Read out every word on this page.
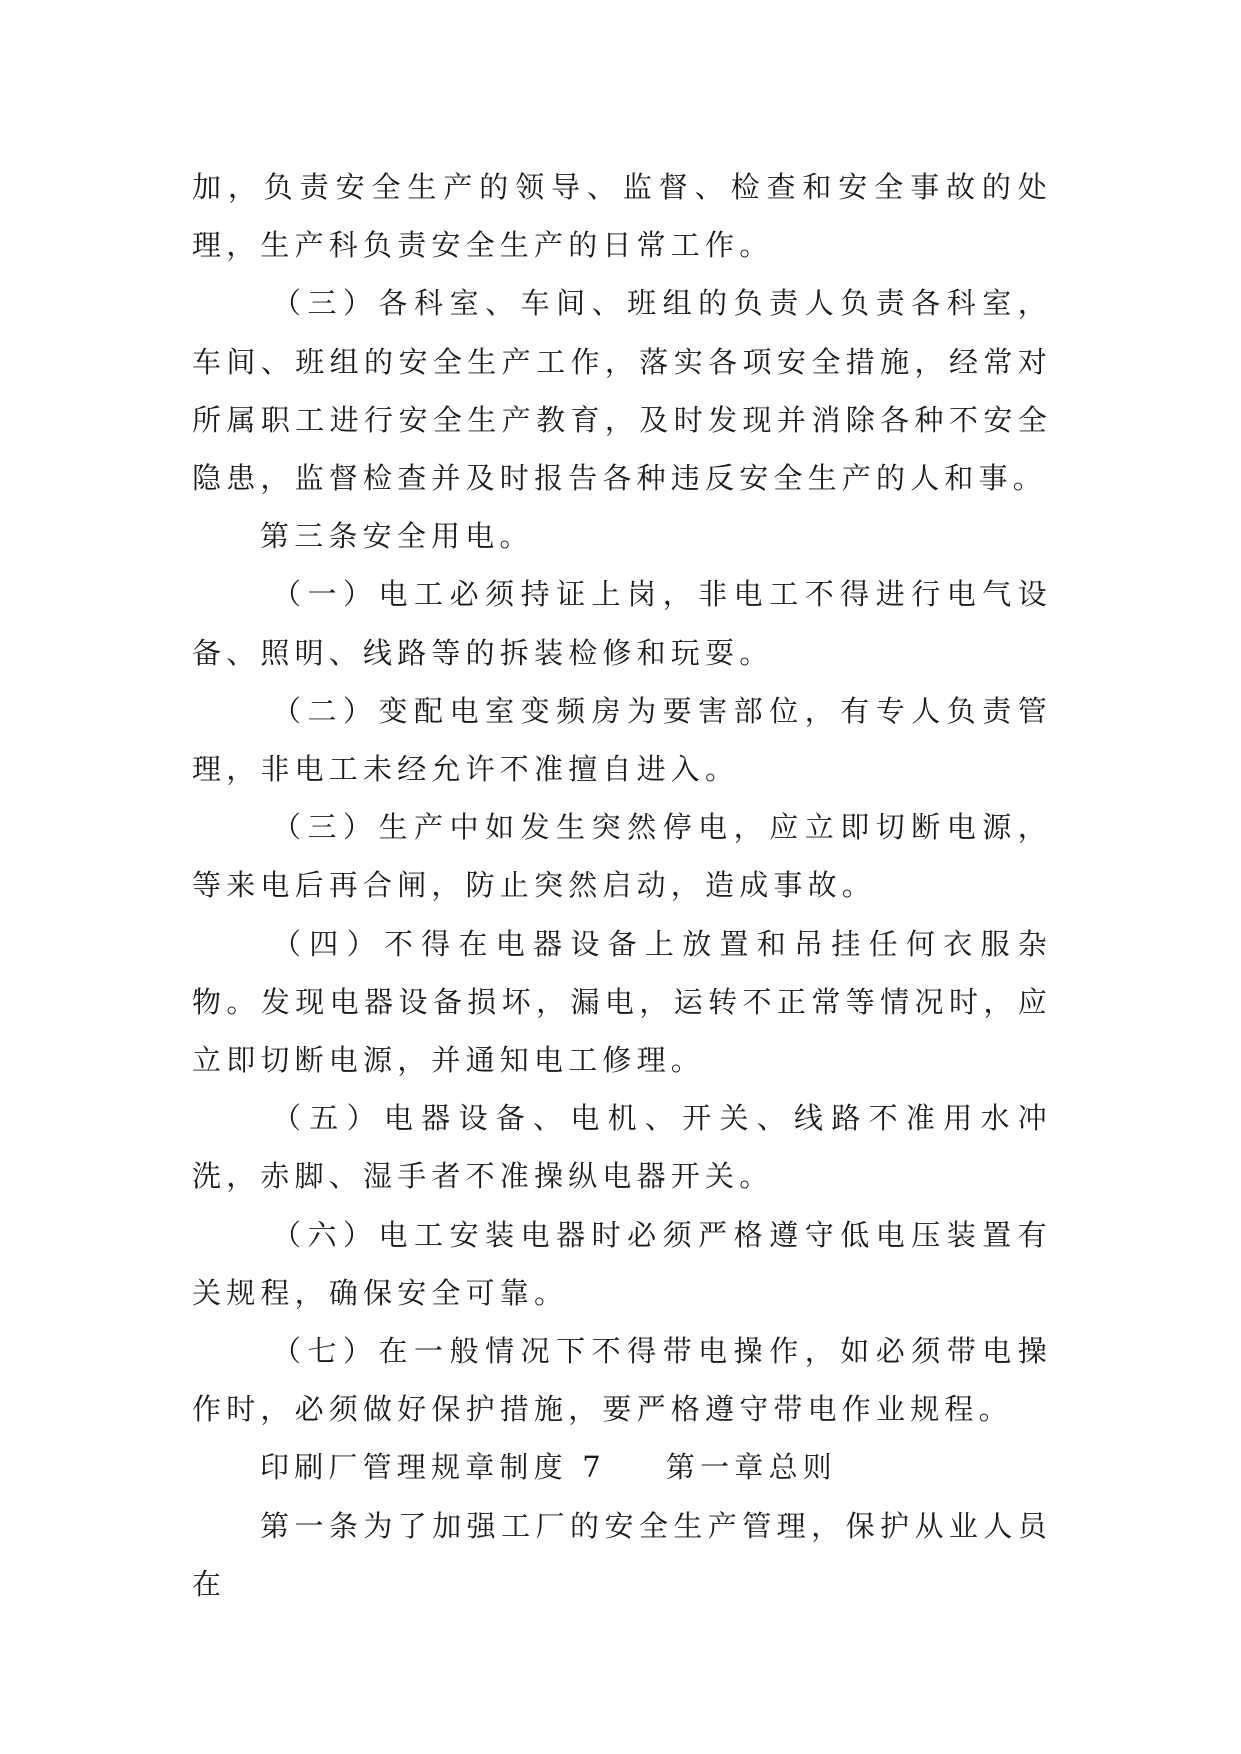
加，负责安全生产的领导、监督、检查和安全事故的处理，生产科负责安全生产的日常工作。

（三）各科室、车间、班组的负责人负责各科室，车间、班组的安全生产工作，落实各项安全措施，经常对所属职工进行安全生产教育，及时发现并消除各种不安全隐患，监督检查并及时报告各种违反安全生产的人和事。

第三条安全用电。

（一）电工必须持证上岗，非电工不得进行电气设备、照明、线路等的拆装检修和玩耍。

（二）变配电室变频房为要害部位，有专人负责管理，非电工未经允许不准擅自进入。

（三）生产中如发生突然停电，应立即切断电源，等来电后再合闸，防止突然启动，造成事故。

（四）不得在电器设备上放置和吊挂任何衣服杂物。发现电器设备损坏，漏电，运转不正常等情况时，应立即切断电源，并通知电工修理。

（五）电器设备、电机、开关、线路不准用水冲洗，赤脚、湿手者不准操纵电器开关。

（六）电工安装电器时必须严格遵守低电压装置有关规程，确保安全可靠。

（七）在一般情况下不得带电操作，如必须带电操作时，必须做好保护措施，要严格遵守带电作业规程。

印刷厂管理规章制度 7 第一章总则

第一条为了加强工厂的安全生产管理，保护从业人员在
